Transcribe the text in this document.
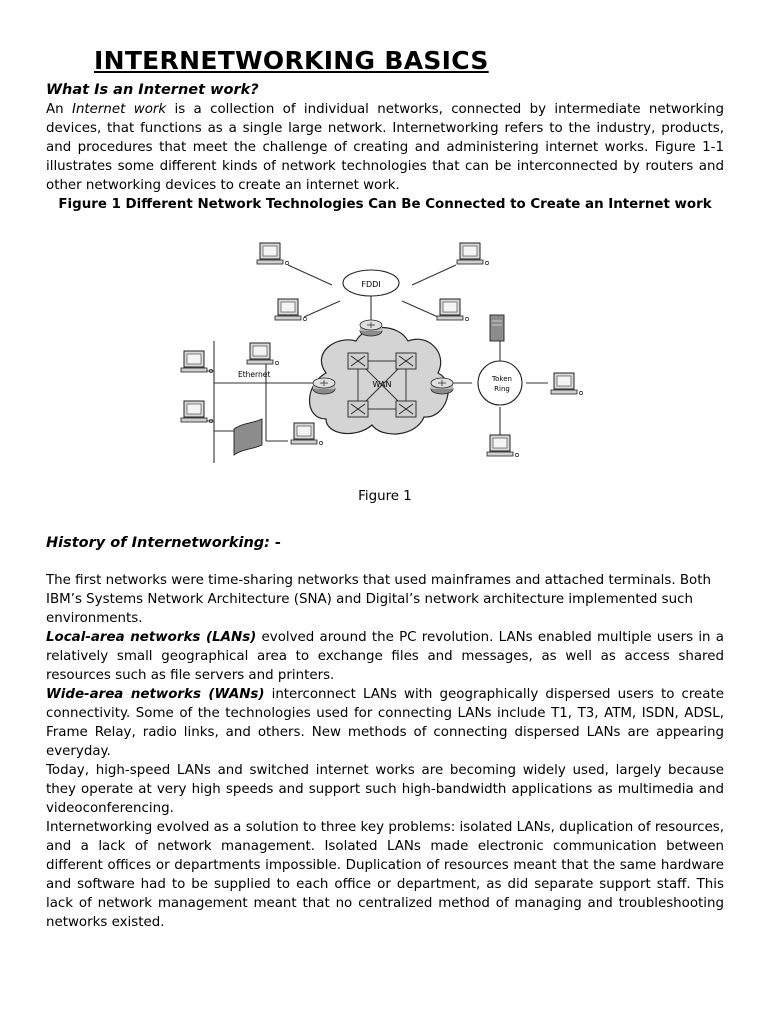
INTERNETWORKING BASICS
What Is an Internet work?

An Internet work is a collection of individual networks, connected by intermediate networking devices, that functions as a single large network. Internetworking refers to the industry, products, and procedures that meet the challenge of creating and administering internet works. Figure 1-1 illustrates some different kinds of network technologies that can be interconnected by routers and other networking devices to create an internet work.

Figure 1 Different Network Technologies Can Be Connected to Create an Internet work
FDDI
WAN
Ethernet	Token
Ring
Figure 1
History of Internetworking: -

The first networks were time-sharing networks that used mainframes and attached terminals. Both IBM’s Systems Network Architecture (SNA) and Digital’s network architecture implemented such environments.

Local-area networks (LANs) evolved around the PC revolution. LANs enabled multiple users in a relatively small geographical area to exchange files and messages, as well as access shared resources such as file servers and printers.

Wide-area networks (WANs) interconnect LANs with geographically dispersed users to create connectivity. Some of the technologies used for connecting LANs include T1, T3, ATM, ISDN, ADSL, Frame Relay, radio links, and others. New methods of connecting dispersed LANs are appearing everyday.

Today, high-speed LANs and switched internet works are becoming widely used, largely because they operate at very high speeds and support such high-bandwidth applications as multimedia and videoconferencing.

Internetworking evolved as a solution to three key problems: isolated LANs, duplication of resources, and a lack of network management. Isolated LANs made electronic communication between different offices or departments impossible. Duplication of resources meant that the same hardware and software had to be supplied to each office or department, as did separate support staff. This lack of network management meant that no centralized method of managing and troubleshooting networks existed.
